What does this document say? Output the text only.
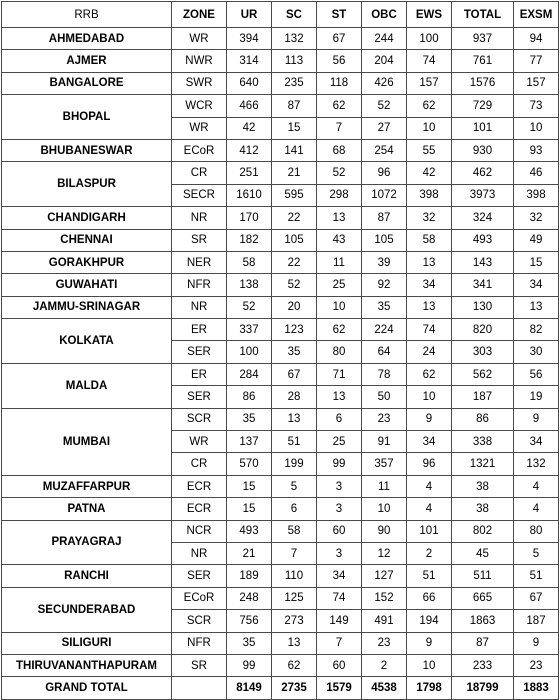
RRB	ZONE	UR	SC	ST	OBC	EWS	TOTAL	EXSM
AHMEDABAD	WR	394	132	67	244	100	937	94
AJMER	NWR	314	113	56	204	74	761	77
BANGALORE	SWR	640	235	118	426	157	1576	157
BHOPAL	WCR	466	87	62	52	62	729	73
	WR	42	15	7	27	10	101	10
BHUBANESWAR	ECoR	412	141	68	254	55	930	93
BILASPUR	CR	251	21	52	96	42	462	46
	SECR	1610	595	298	1072	398	3973	398
CHANDIGARH	NR	170	22	13	87	32	324	32
CHENNAI	SR	182	105	43	105	58	493	49
GORAKHPUR	NER	58	22	11	39	13	143	15
GUWAHATI	NFR	138	52	25	92	34	341	34
JAMMU-SRINAGAR	NR	52	20	10	35	13	130	13
KOLKATA	ER	337	123	62	224	74	820	82
	SER	100	35	80	64	24	303	30
MALDA	ER	284	67	71	78	62	562	56
	SER	86	28	13	50	10	187	19
MUMBAI	SCR	35	13	6	23	9	86	9
	WR	137	51	25	91	34	338	34
	CR	570	199	99	357	96	1321	132
MUZAFFARPUR	ECR	15	5	3	11	4	38	4
PATNA	ECR	15	6	3	10	4	38	4
PRAYAGRAJ	NCR	493	58	60	90	101	802	80
	NR	21	7	3	12	2	45	5
RANCHI	SER	189	110	34	127	51	511	51
SECUNDERABAD	ECoR	248	125	74	152	66	665	67
	SCR	756	273	149	491	194	1863	187
SILIGURI	NFR	35	13	7	23	9	87	9
THIRUVANANTHAPURAM	SR	99	62	60	2	10	233	23
GRAND TOTAL		8149	2735	1579	4538	1798	18799	1883
